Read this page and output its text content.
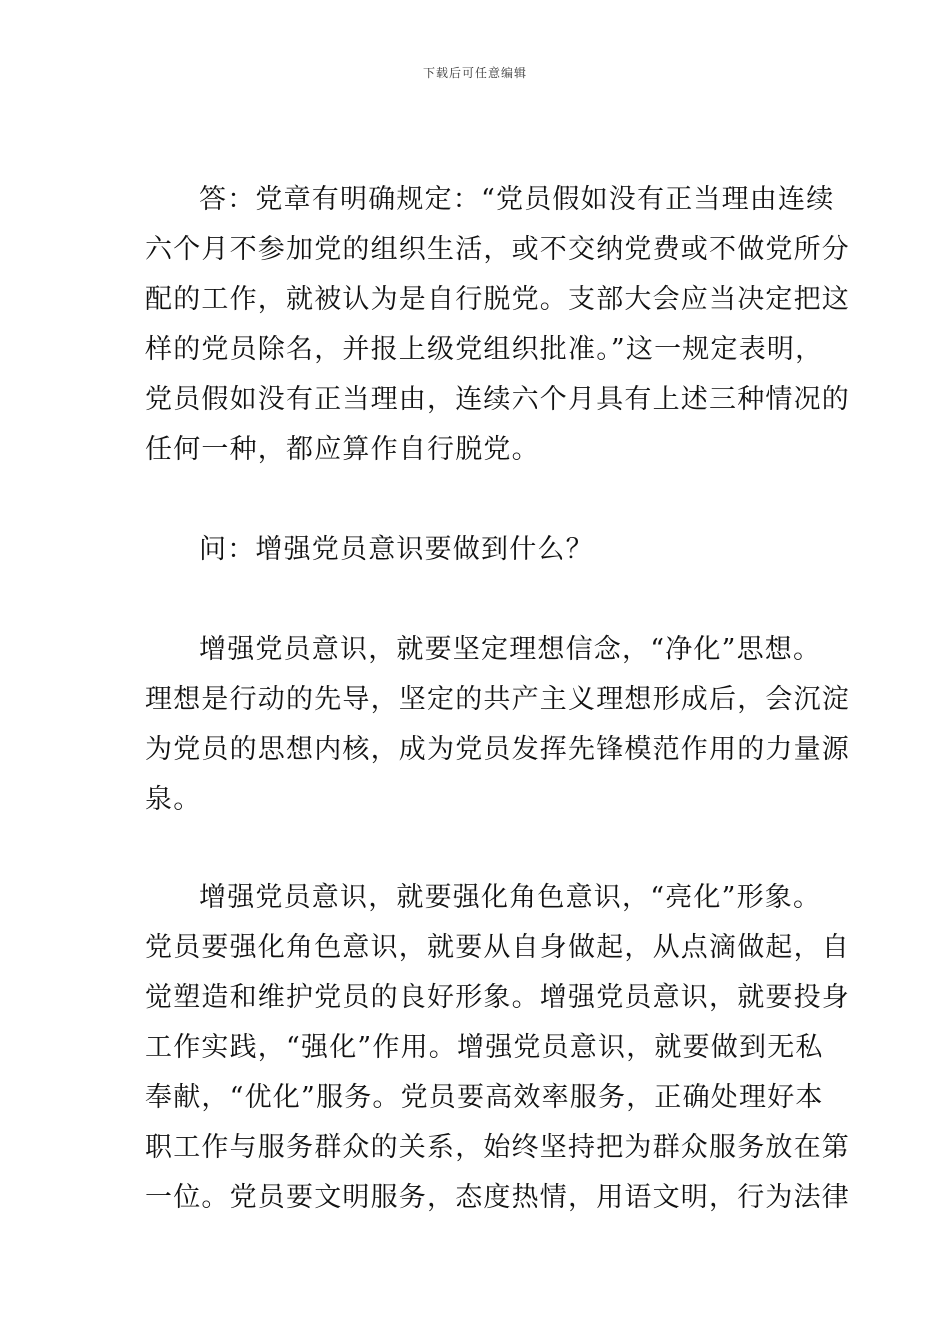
下载后可任意编辑
答：党章有明确规定：“党员假如没有正当理由连续
六个月不参加党的组织生活，或不交纳党费或不做党所分
配的工作，就被认为是自行脱党。支部大会应当决定把这
样的党员除名，并报上级党组织批准。”这一规定表明，
党员假如没有正当理由，连续六个月具有上述三种情况的
任何一种，都应算作自行脱党。
问：增强党员意识要做到什么？
增强党员意识，就要坚定理想信念，“净化”思想。
理想是行动的先导，坚定的共产主义理想形成后，会沉淀
为党员的思想内核，成为党员发挥先锋模范作用的力量源
泉。
增强党员意识，就要强化角色意识，“亮化”形象。
党员要强化角色意识，就要从自身做起，从点滴做起，自
觉塑造和维护党员的良好形象。增强党员意识，就要投身
工作实践，“强化”作用。增强党员意识，就要做到无私
奉献，“优化”服务。党员要高效率服务，正确处理好本
职工作与服务群众的关系，始终坚持把为群众服务放在第
一位。党员要文明服务，态度热情，用语文明，行为法律
